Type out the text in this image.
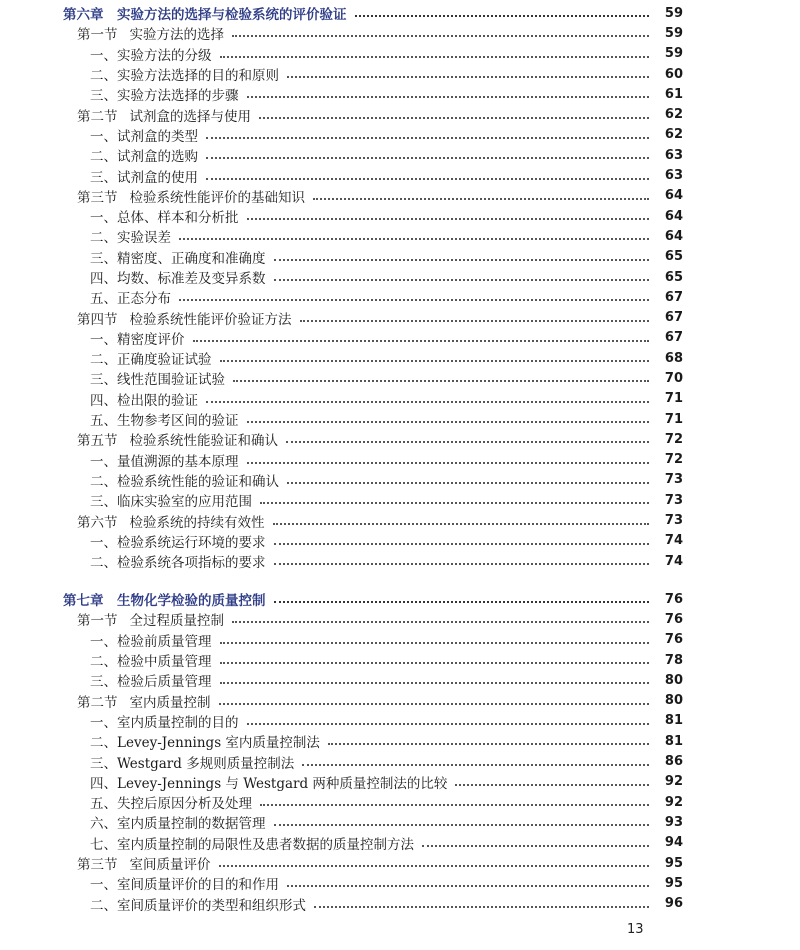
第六章　实验方法的选择与检验系统的评价验证	59
第一节 实验方法的选择	59
一、实验方法的分级	59
二、实验方法选择的目的和原则	60
三、实验方法选择的步骤	61
第二节 试剂盒的选择与使用	62
一、试剂盒的类型	62
二、试剂盒的选购	63
三、试剂盒的使用	63
第三节 检验系统性能评价的基础知识	64
一、总体、样本和分析批	64
二、实验误差	64
三、精密度、正确度和准确度	65
四、均数、标准差及变异系数	65
五、正态分布	67
第四节 检验系统性能评价验证方法	67
一、精密度评价	67
二、正确度验证试验	68
三、线性范围验证试验	70
四、检出限的验证	71
五、生物参考区间的验证	71
第五节 检验系统性能验证和确认	72
一、量值溯源的基本原理	72
二、检验系统性能的验证和确认	73
三、临床实验室的应用范围	73
第六节 检验系统的持续有效性	73
一、检验系统运行环境的要求	74
二、检验系统各项指标的要求	74
第七章　生物化学检验的质量控制	76
第一节 全过程质量控制	76
一、检验前质量管理	76
二、检验中质量管理	78
三、检验后质量管理	80
第二节 室内质量控制	80
一、室内质量控制的目的	81
二、Levey-Jennings 室内质量控制法	81
三、Westgard 多规则质量控制法	86
四、Levey-Jennings 与 Westgard 两种质量控制法的比较	92
五、失控后原因分析及处理	92
六、室内质量控制的数据管理	93
七、室内质量控制的局限性及患者数据的质量控制方法	94
第三节 室间质量评价	95
一、室间质量评价的目的和作用	95
二、室间质量评价的类型和组织形式	96
13
